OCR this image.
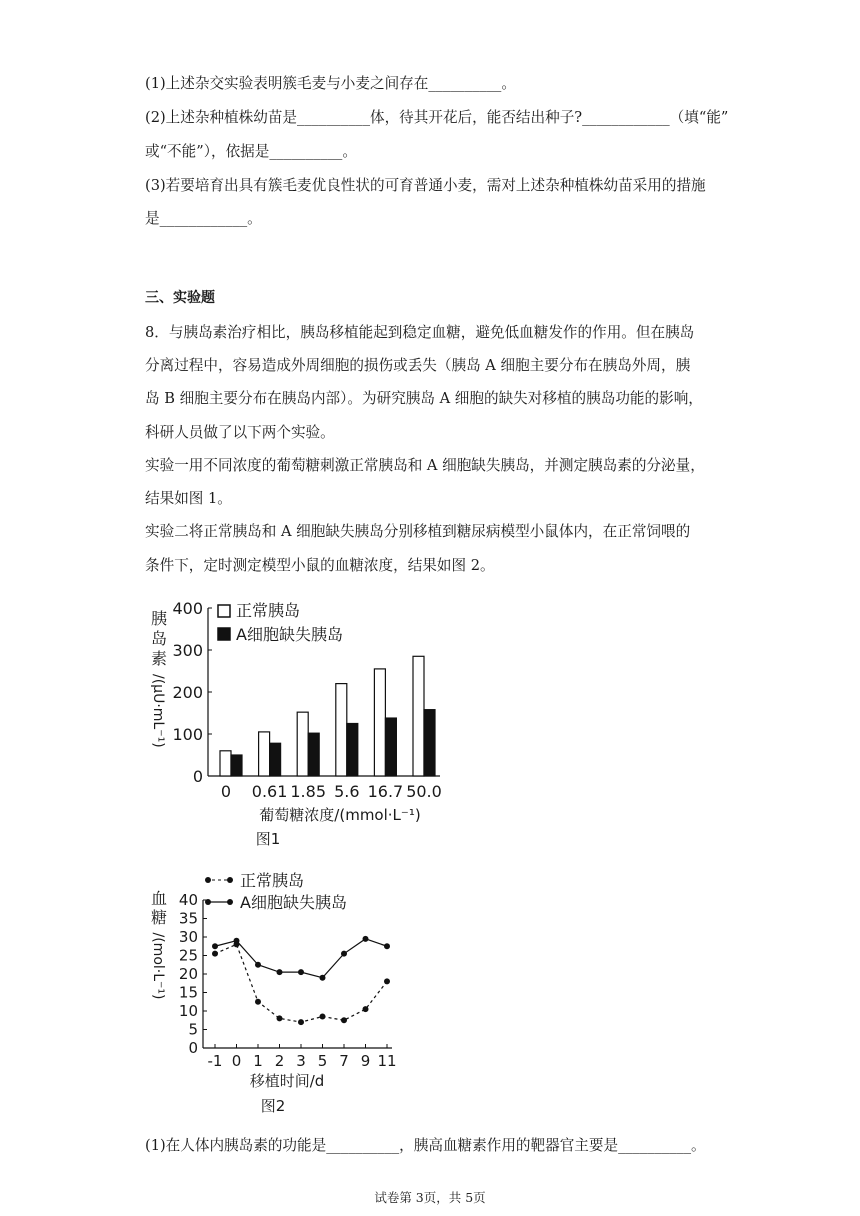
(1)上述杂交实验表明簇毛麦与小麦之间存在__________。
(2)上述杂种植株幼苗是__________体，待其开花后，能否结出种子?____________（填“能”
或“不能”），依据是__________。
(3)若要培育出具有簇毛麦优良性状的可育普通小麦，需对上述杂种植株幼苗采用的措施
是____________。
三、实验题
8．与胰岛素治疗相比，胰岛移植能起到稳定血糖，避免低血糖发作的作用。但在胰岛
分离过程中，容易造成外周细胞的损伤或丢失（胰岛 A 细胞主要分布在胰岛外周，胰
岛 B 细胞主要分布在胰岛内部）。为研究胰岛 A 细胞的缺失对移植的胰岛功能的影响，
科研人员做了以下两个实验。
实验一用不同浓度的葡萄糖刺激正常胰岛和 A 细胞缺失胰岛，并测定胰岛素的分泌量，
结果如图 1。
实验二将正常胰岛和 A 细胞缺失胰岛分别移植到糖尿病模型小鼠体内，在正常饲喂的
条件下，定时测定模型小鼠的血糖浓度，结果如图 2。
0
100
200
300
400
0 0.61 1.85 5.6 16.7 50.0
胰
岛
素
/(μU·mL⁻¹)
正常胰岛
A细胞缺失胰岛
葡萄糖浓度/(mmol·L⁻¹)
图1
0
5
10
15
20
25
30
35
40
-1 0 1 2 3 5 7 9 11
血
糖
/(mol·L⁻¹)
正常胰岛
A细胞缺失胰岛
移植时间/d
图2
(1)在人体内胰岛素的功能是__________，胰高血糖素作用的靶器官主要是__________。
试卷第 3页，共 5页
